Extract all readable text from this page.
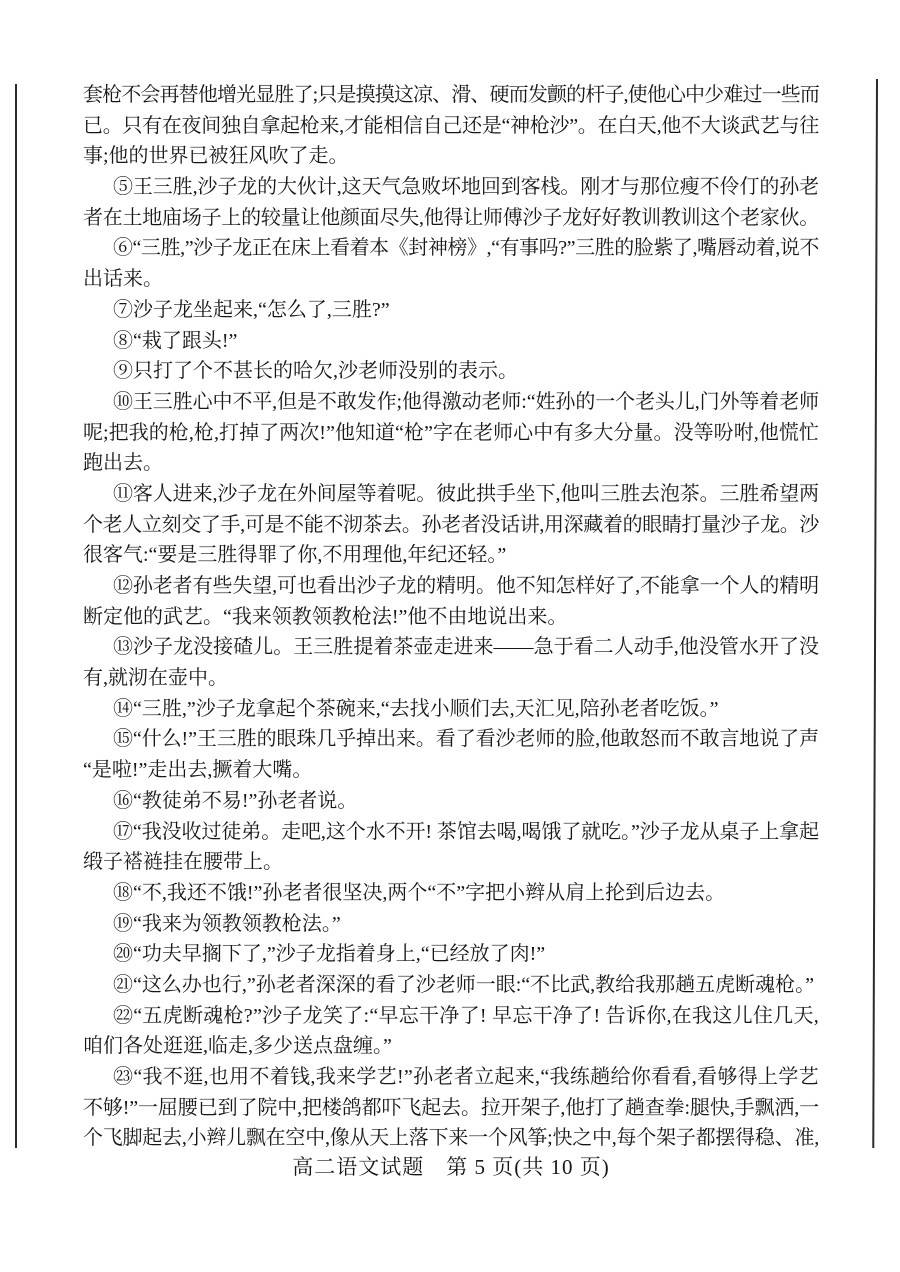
套枪不会再替他增光显胜了;只是摸摸这凉、滑、硬而发颤的杆子,使他心中少难过一些而
已。只有在夜间独自拿起枪来,才能相信自己还是“神枪沙”。在白天,他不大谈武艺与往
事;他的世界已被狂风吹了走。
⑤王三胜,沙子龙的大伙计,这天气急败坏地回到客栈。刚才与那位瘦不伶仃的孙老
者在土地庙场子上的较量让他颜面尽失,他得让师傅沙子龙好好教训教训这个老家伙。
⑥“三胜,”沙子龙正在床上看着本《封神榜》,“有事吗?”三胜的脸紫了,嘴唇动着,说不
出话来。
⑦沙子龙坐起来,“怎么了,三胜?”
⑧“栽了跟头!”
⑨只打了个不甚长的哈欠,沙老师没别的表示。
⑩王三胜心中不平,但是不敢发作;他得激动老师:“姓孙的一个老头儿,门外等着老师
呢;把我的枪,枪,打掉了两次!”他知道“枪”字在老师心中有多大分量。没等吩咐,他慌忙
跑出去。
⑪客人进来,沙子龙在外间屋等着呢。彼此拱手坐下,他叫三胜去泡茶。三胜希望两
个老人立刻交了手,可是不能不沏茶去。孙老者没话讲,用深藏着的眼睛打量沙子龙。沙
很客气:“要是三胜得罪了你,不用理他,年纪还轻。”
⑫孙老者有些失望,可也看出沙子龙的精明。他不知怎样好了,不能拿一个人的精明
断定他的武艺。“我来领教领教枪法!”他不由地说出来。
⑬沙子龙没接碴儿。王三胜提着茶壶走进来——急于看二人动手,他没管水开了没
有,就沏在壶中。
⑭“三胜,”沙子龙拿起个茶碗来,“去找小顺们去,天汇见,陪孙老者吃饭。”
⑮“什么!”王三胜的眼珠几乎掉出来。看了看沙老师的脸,他敢怒而不敢言地说了声
“是啦!”走出去,撅着大嘴。
⑯“教徒弟不易!”孙老者说。
⑰“我没收过徒弟。走吧,这个水不开! 茶馆去喝,喝饿了就吃。”沙子龙从桌子上拿起
缎子褡裢挂在腰带上。
⑱“不,我还不饿!”孙老者很坚决,两个“不”字把小辫从肩上抡到后边去。
⑲“我来为领教领教枪法。”
⑳“功夫早搁下了,”沙子龙指着身上,“已经放了肉!”
㉑“这么办也行,”孙老者深深的看了沙老师一眼:“不比武,教给我那趟五虎断魂枪。”
㉒“五虎断魂枪?”沙子龙笑了:“早忘干净了! 早忘干净了! 告诉你,在我这儿住几天,
咱们各处逛逛,临走,多少送点盘缠。”
㉓“我不逛,也用不着钱,我来学艺!”孙老者立起来,“我练趟给你看看,看够得上学艺
不够!”一屈腰已到了院中,把楼鸽都吓飞起去。拉开架子,他打了趟查拳:腿快,手飘洒,一
个飞脚起去,小辫儿飘在空中,像从天上落下来一个风筝;快之中,每个架子都摆得稳、准,
高二语文试题　第 5 页(共 10 页)
